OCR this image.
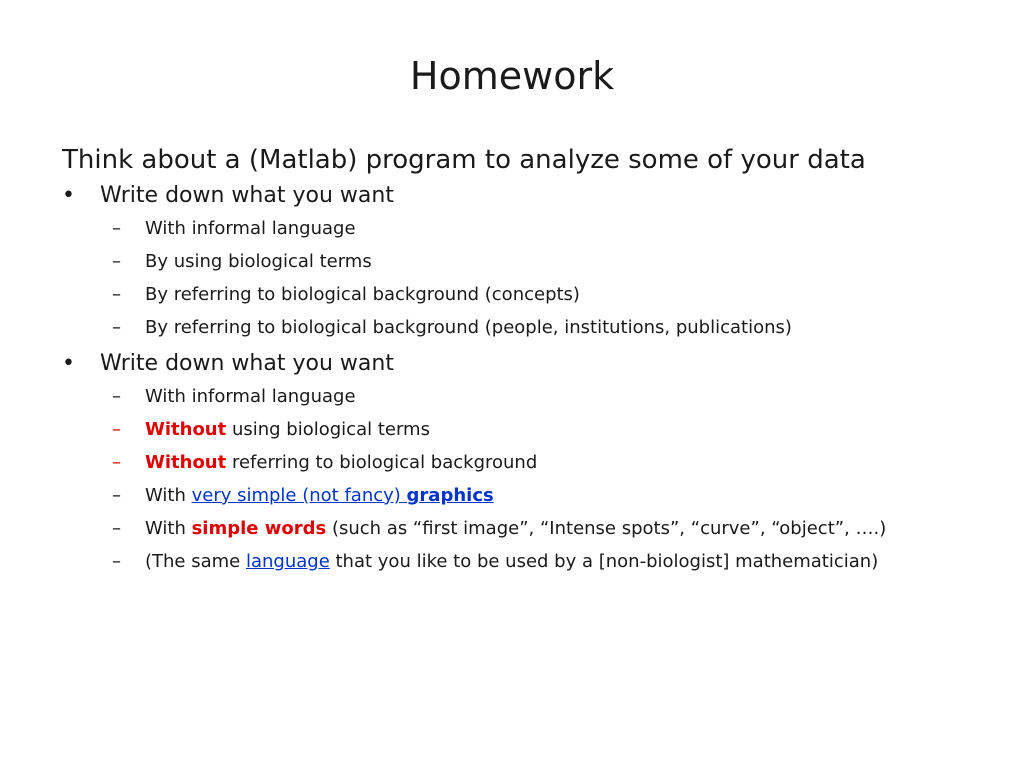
Homework
Think about a (Matlab) program to analyze some of your data
• Write down what you want
– With informal language
– By using biological terms
– By referring to biological background (concepts)
– By referring to biological background (people, institutions, publications)
• Write down what you want
– With informal language
– Without using biological terms
– Without referring to biological background
– With very simple (not fancy) graphics
– With simple words (such as “first image”, “Intense spots”, “curve”, “object”, ….)
– (The same language that you like to be used by a [non-biologist] mathematician)
